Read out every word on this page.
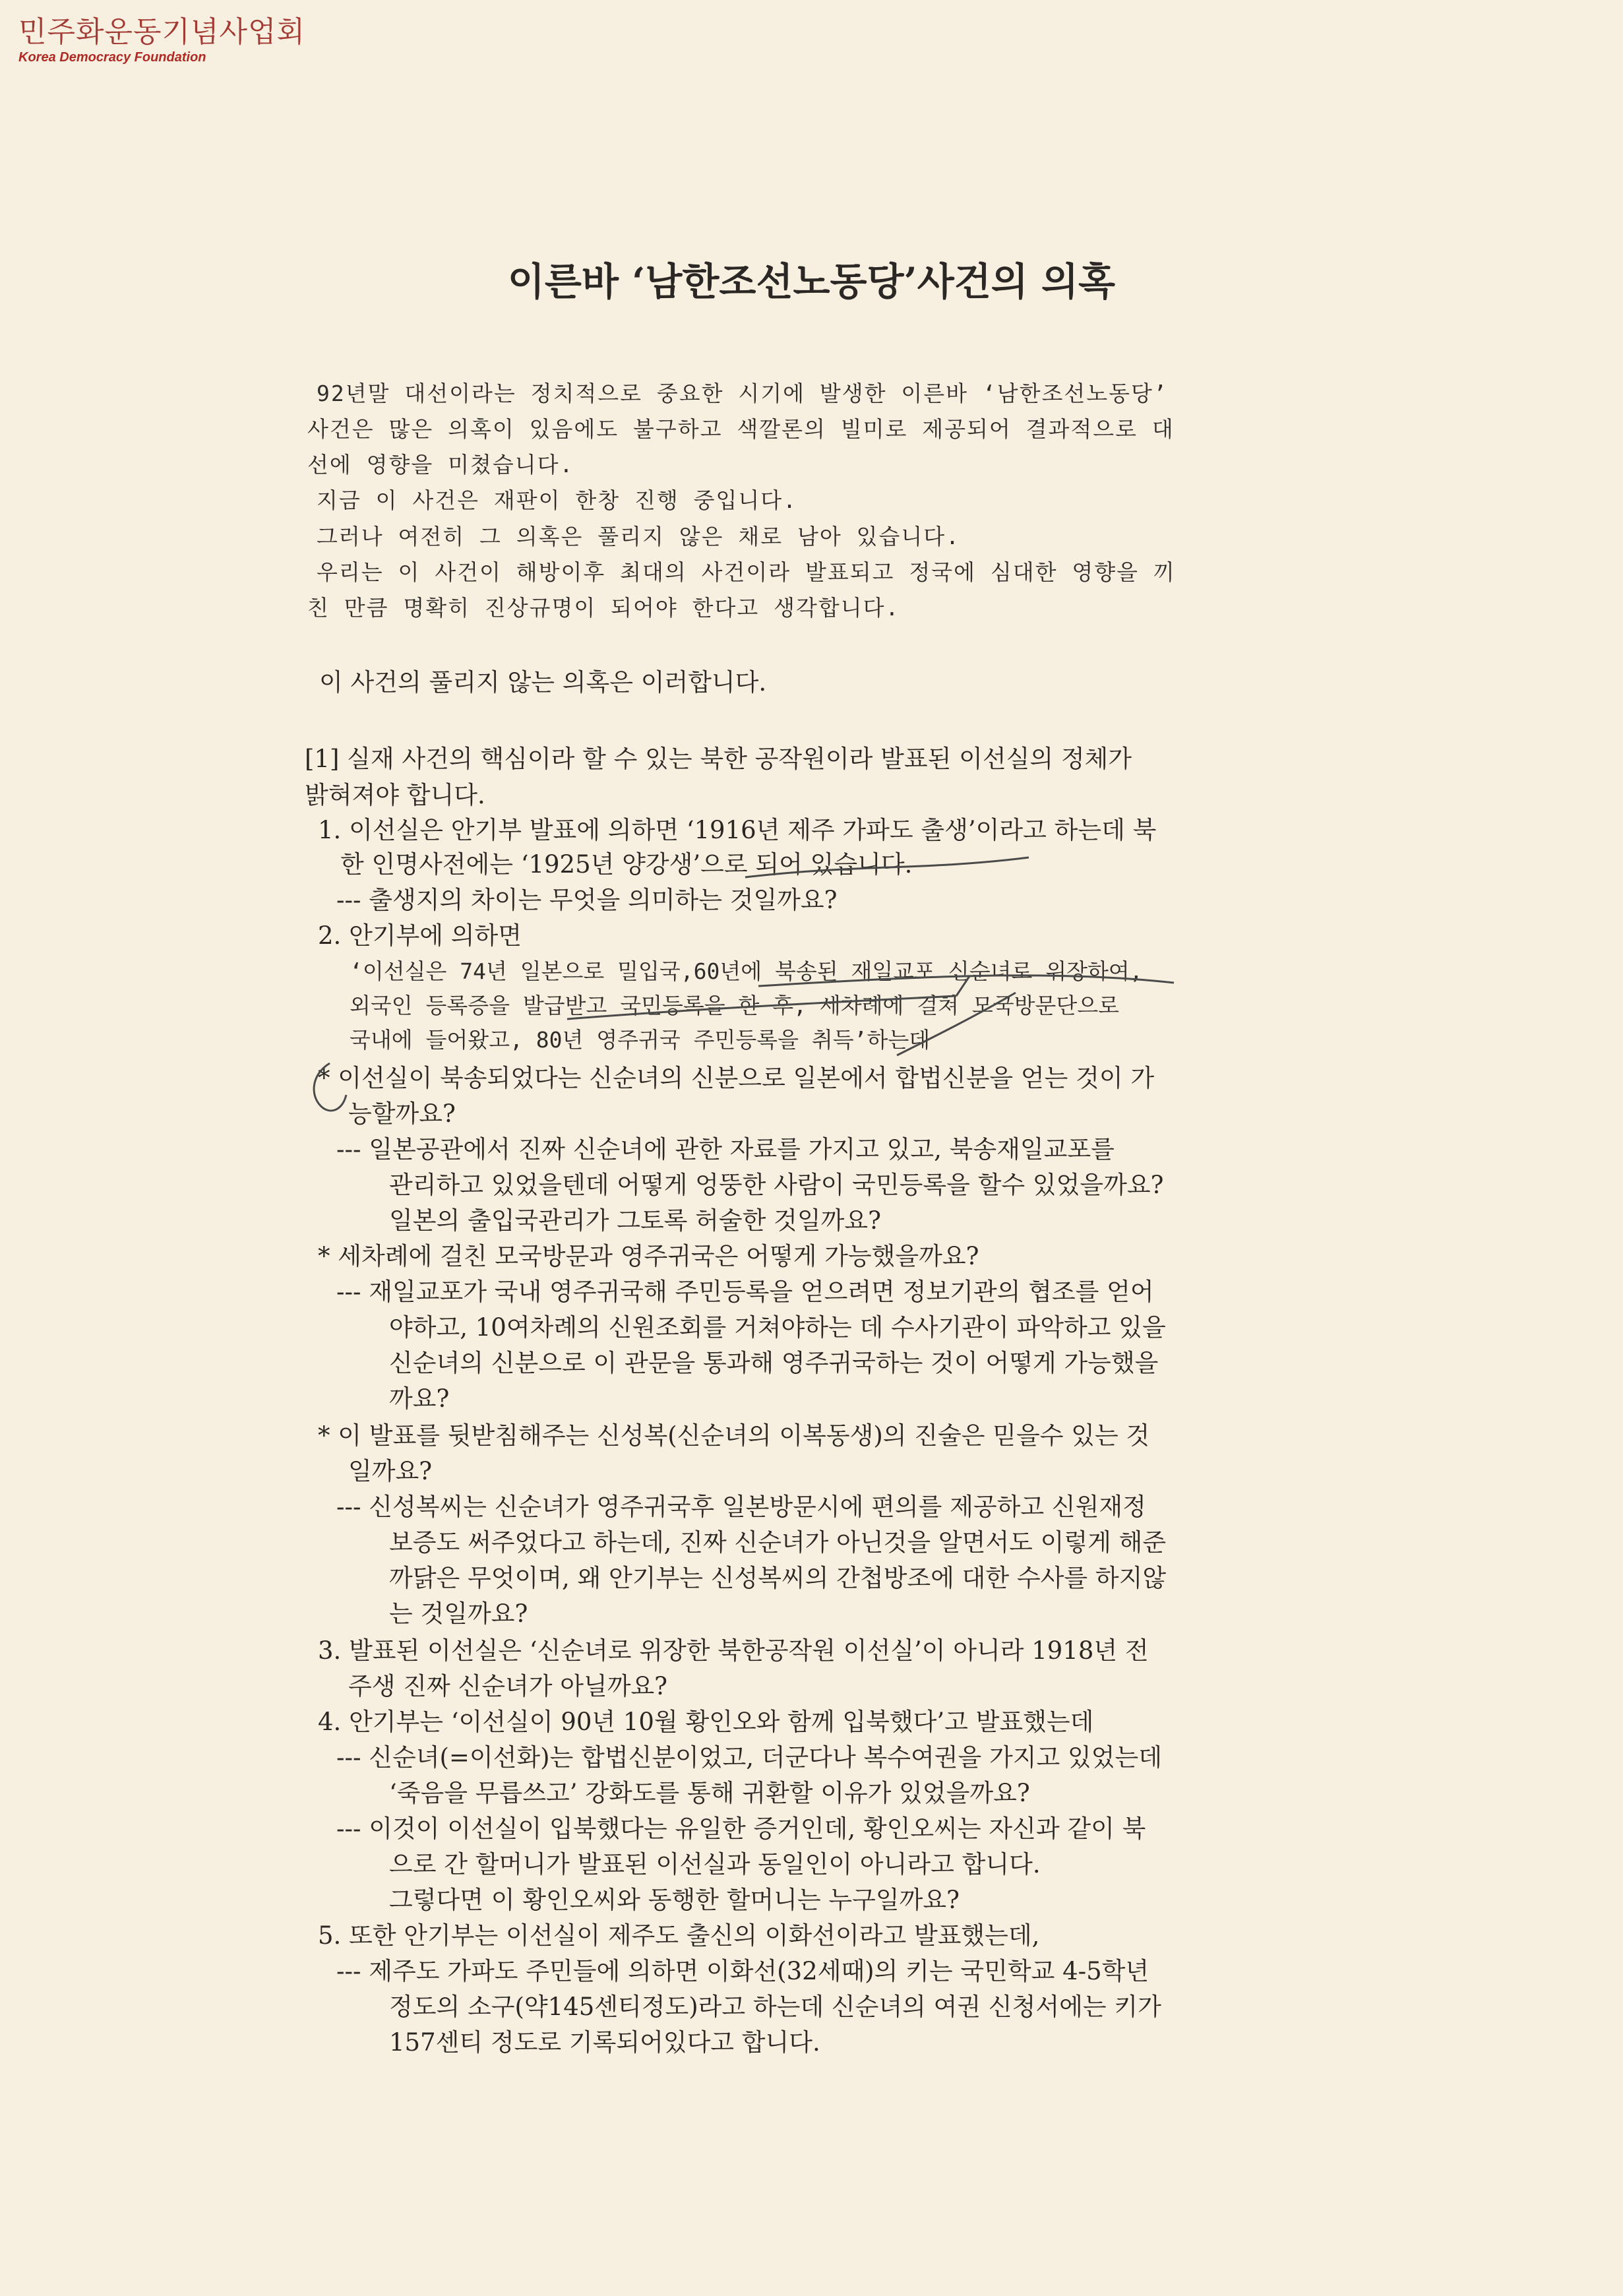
민주화운동기념사업회
Korea Democracy Foundation
이른바 ‘남한조선노동당’사건의 의혹
92년말 대선이라는 정치적으로 중요한 시기에 발생한 이른바 ‘남한조선노동당’
사건은 많은 의혹이 있음에도 불구하고 색깔론의 빌미로 제공되어 결과적으로 대
선에 영향을 미쳤습니다.
지금 이 사건은 재판이 한창 진행 중입니다.
그러나 여전히 그 의혹은 풀리지 않은 채로 남아 있습니다.
우리는 이 사건이 해방이후 최대의 사건이라 발표되고 정국에 심대한 영향을 끼
친 만큼 명확히 진상규명이 되어야 한다고 생각합니다.
이 사건의 풀리지 않는 의혹은 이러합니다.
[1] 실재 사건의 핵심이라 할 수 있는 북한 공작원이라 발표된 이선실의 정체가
밝혀져야 합니다.
1. 이선실은 안기부 발표에 의하면 ‘1916년 제주 가파도 출생’이라고 하는데 북
한 인명사전에는 ‘1925년 양강생’으로 되어 있습니다.
--- 출생지의 차이는 무엇을 의미하는 것일까요?
2. 안기부에 의하면
‘이선실은 74년 일본으로 밀입국,60년에 북송된 재일교포 신순녀로 위장하여,
외국인 등록증을 발급받고 국민등록을 한 후, 세차례에 걸쳐 모국방문단으로
국내에 들어왔고, 80년 영주귀국 주민등록을 취득’하는데
* 이선실이 북송되었다는 신순녀의 신분으로 일본에서 합법신분을 얻는 것이 가
능할까요?
--- 일본공관에서 진짜 신순녀에 관한 자료를 가지고 있고, 북송재일교포를
관리하고 있었을텐데 어떻게 엉뚱한 사람이 국민등록을 할수 있었을까요?
일본의 출입국관리가 그토록 허술한 것일까요?
* 세차례에 걸친 모국방문과 영주귀국은 어떻게 가능했을까요?
--- 재일교포가 국내 영주귀국해 주민등록을 얻으려면 정보기관의 협조를 얻어
야하고, 10여차례의 신원조회를 거쳐야하는 데 수사기관이 파악하고 있을
신순녀의 신분으로 이 관문을 통과해 영주귀국하는 것이 어떻게 가능했을
까요?
* 이 발표를 뒷받침해주는 신성복(신순녀의 이복동생)의 진술은 믿을수 있는 것
일까요?
--- 신성복씨는 신순녀가 영주귀국후 일본방문시에 편의를 제공하고 신원재정
보증도 써주었다고 하는데, 진짜 신순녀가 아닌것을 알면서도 이렇게 해준
까닭은 무엇이며, 왜 안기부는 신성복씨의 간첩방조에 대한 수사를 하지않
는 것일까요?
3. 발표된 이선실은 ‘신순녀로 위장한 북한공작원 이선실’이 아니라 1918년 전
주생 진짜 신순녀가 아닐까요?
4. 안기부는 ‘이선실이 90년 10월 황인오와 함께 입북했다’고 발표했는데
--- 신순녀(=이선화)는 합법신분이었고, 더군다나 복수여권을 가지고 있었는데
‘죽음을 무릅쓰고’ 강화도를 통해 귀환할 이유가 있었을까요?
--- 이것이 이선실이 입북했다는 유일한 증거인데, 황인오씨는 자신과 같이 북
으로 간 할머니가 발표된 이선실과 동일인이 아니라고 합니다.
그렇다면 이 황인오씨와 동행한 할머니는 누구일까요?
5. 또한 안기부는 이선실이 제주도 출신의 이화선이라고 발표했는데,
--- 제주도 가파도 주민들에 의하면 이화선(32세때)의 키는 국민학교 4-5학년
정도의 소구(약145센티정도)라고 하는데 신순녀의 여권 신청서에는 키가
157센티 정도로 기록되어있다고 합니다.
